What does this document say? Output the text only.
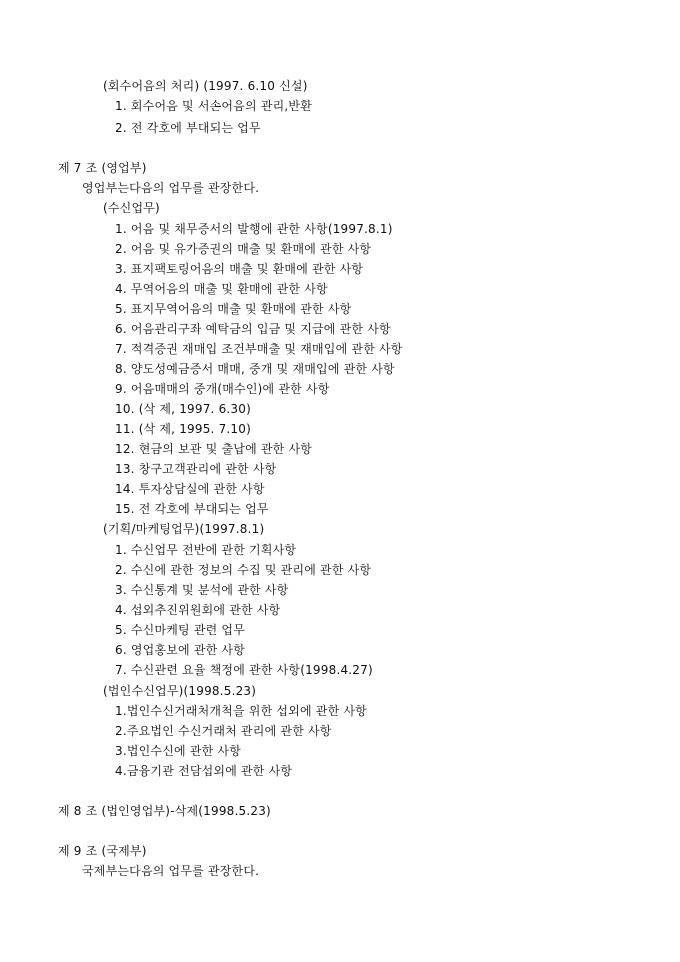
(회수어음의 처리) (1997. 6.10 신설)
1. 회수어음 및 서손어음의 관리,반환
2. 전 각호에 부대되는 업무
제 7 조 (영업부)
영업부는다음의 업무를 관장한다.
(수신업무)
1. 어음 및 채무증서의 발행에 관한 사항(1997.8.1)
2. 어음 및 유가증권의 매출 및 환매에 관한 사항
3. 표지팩토링어음의 매출 및 환매에 관한 사항
4. 무역어음의 매출 및 환매에 관한 사항
5. 표지무역어음의 매출 및 환매에 관한 사항
6. 어음관리구좌 예탁금의 입금 및 지급에 관한 사항
7. 적격증권 재매입 조건부매출 및 재매입에 관한 사항
8. 양도성예금증서 매매, 중개 및 재매입에 관한 사항
9. 어음매매의 중개(매수인)에 관한 사항
10. (삭 제, 1997. 6.30)
11. (삭 제, 1995. 7.10)
12. 현금의 보관 및 출납에 관한 사항
13. 창구고객관리에 관한 사항
14. 투자상담실에 관한 사항
15. 전 각호에 부대되는 업무
(기획/마케팅업무)(1997.8.1)
1. 수신업무 전반에 관한 기획사항
2. 수신에 관한 정보의 수집 및 관리에 관한 사항
3. 수신통계 및 분석에 관한 사항
4. 섭외추진위원회에 관한 사항
5. 수신마케팅 관련 업무
6. 영업홍보에 관한 사항
7. 수신관련 요율 책정에 관한 사항(1998.4.27)
(법인수신업무)(1998.5.23)
1.법인수신거래처개척을 위한 섭외에 관한 사항
2.주요법인 수신거래처 관리에 관한 사항
3.법인수신에 관한 사항
4.금융기관 전담섭외에 관한 사항
제 8 조 (법인영업부)-삭제(1998.5.23)
제 9 조 (국제부)
국제부는다음의 업무를 관장한다.
